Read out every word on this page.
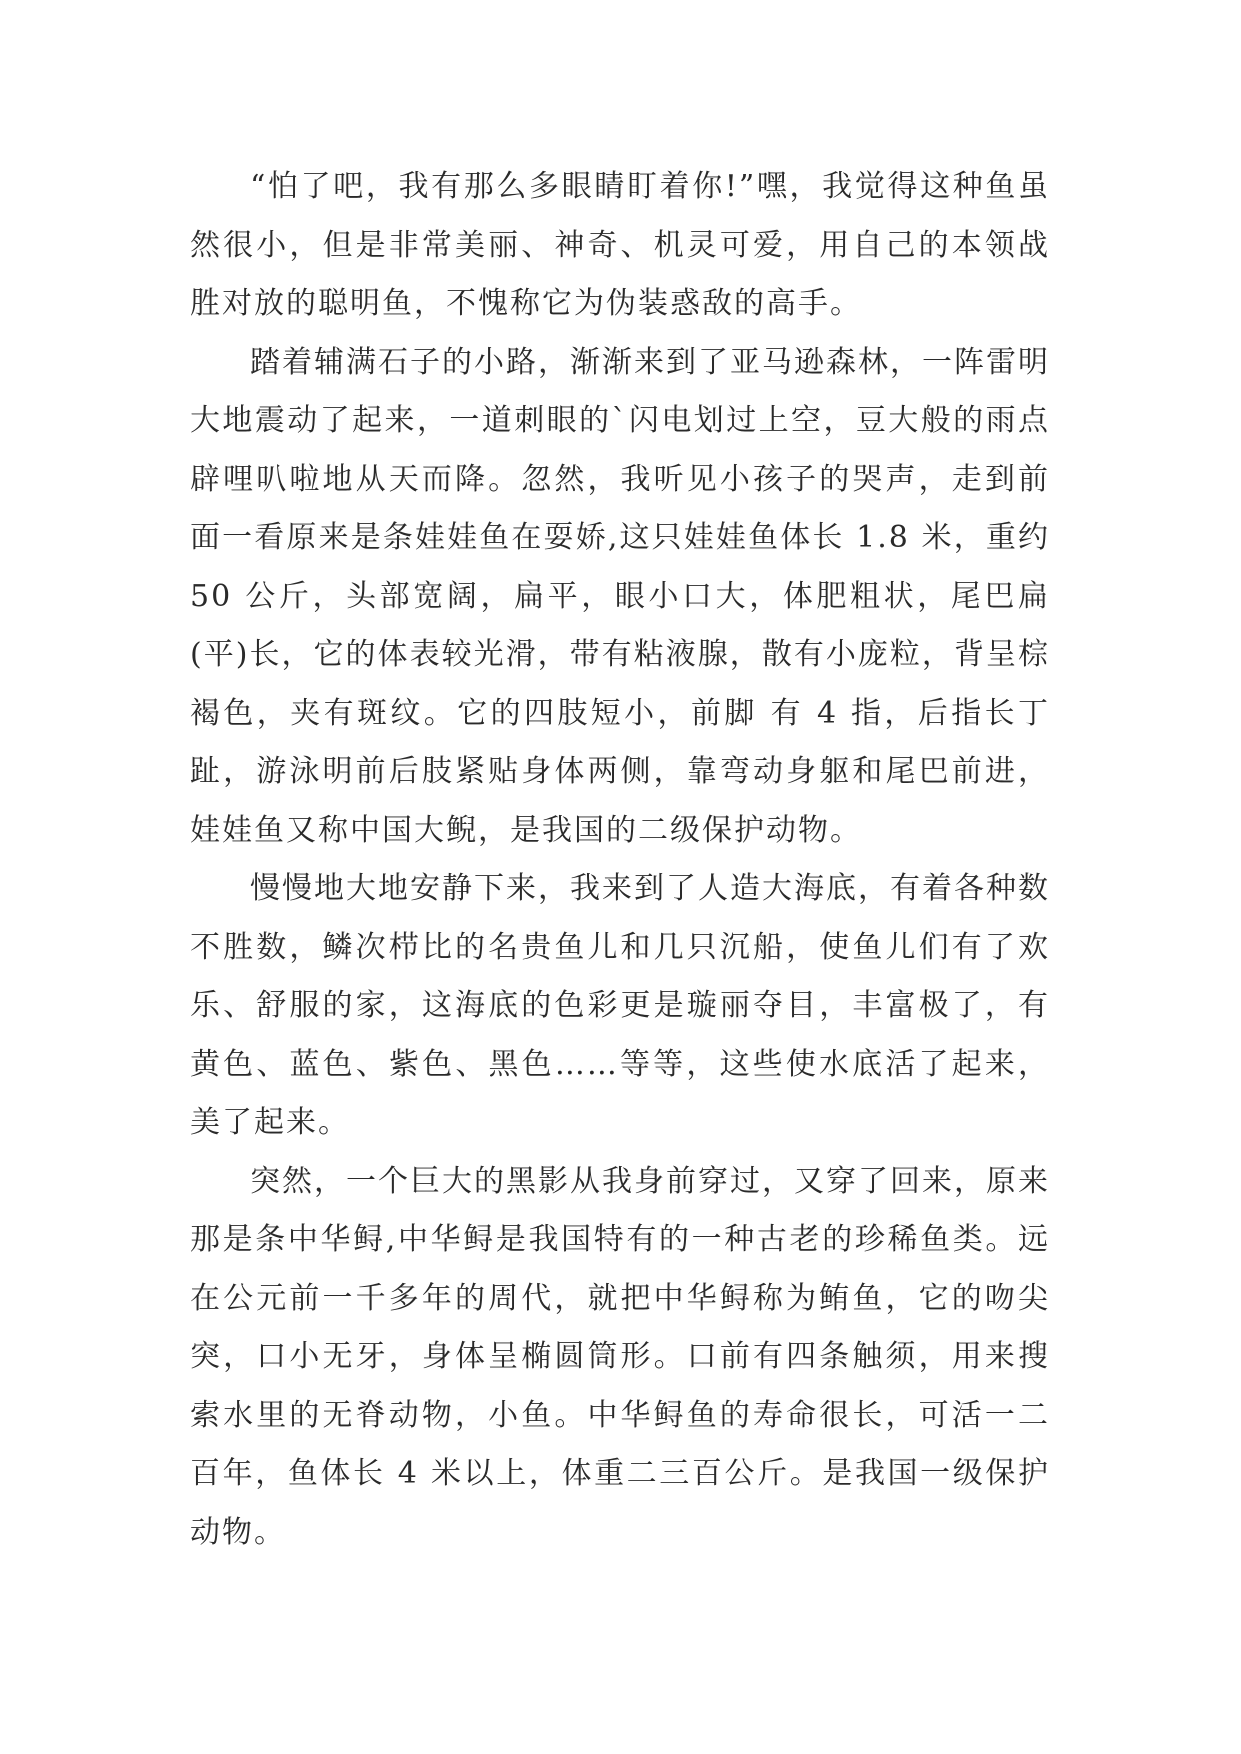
“怕了吧，我有那么多眼睛盯着你!”嘿，我觉得这种鱼虽然很小，但是非常美丽、神奇、机灵可爱，用自己的本领战胜对放的聪明鱼，不愧称它为伪装惑敌的高手。

踏着辅满石子的小路，渐渐来到了亚马逊森林，一阵雷明大地震动了起来，一道刺眼的`闪电划过上空，豆大般的雨点辟哩叭啦地从天而降。忽然，我听见小孩子的哭声，走到前面一看原来是条娃娃鱼在耍娇,这只娃娃鱼体长 1.8 米，重约 50 公斤，头部宽阔，扁平，眼小口大，体肥粗状，尾巴扁(平)长，它的体表较光滑，带有粘液腺，散有小庞粒，背呈棕褐色，夹有斑纹。它的四肢短小，前脚 有 4 指，后指长丁趾，游泳明前后肢紧贴身体两侧，靠弯动身躯和尾巴前进，娃娃鱼又称中国大鲵，是我国的二级保护动物。

慢慢地大地安静下来，我来到了人造大海底，有着各种数不胜数，鳞次栉比的名贵鱼儿和几只沉船，使鱼儿们有了欢乐、舒服的家，这海底的色彩更是璇丽夺目，丰富极了，有黄色、蓝色、紫色、黑色……等等，这些使水底活了起来，美了起来。

突然，一个巨大的黑影从我身前穿过，又穿了回来，原来那是条中华鲟,中华鲟是我国特有的一种古老的珍稀鱼类。远在公元前一千多年的周代，就把中华鲟称为鲔鱼，它的吻尖突，口小无牙，身体呈椭圆筒形。口前有四条触须，用来搜索水里的无脊动物，小鱼。中华鲟鱼的寿命很长，可活一二百年，鱼体长 4 米以上，体重二三百公斤。是我国一级保护动物。
